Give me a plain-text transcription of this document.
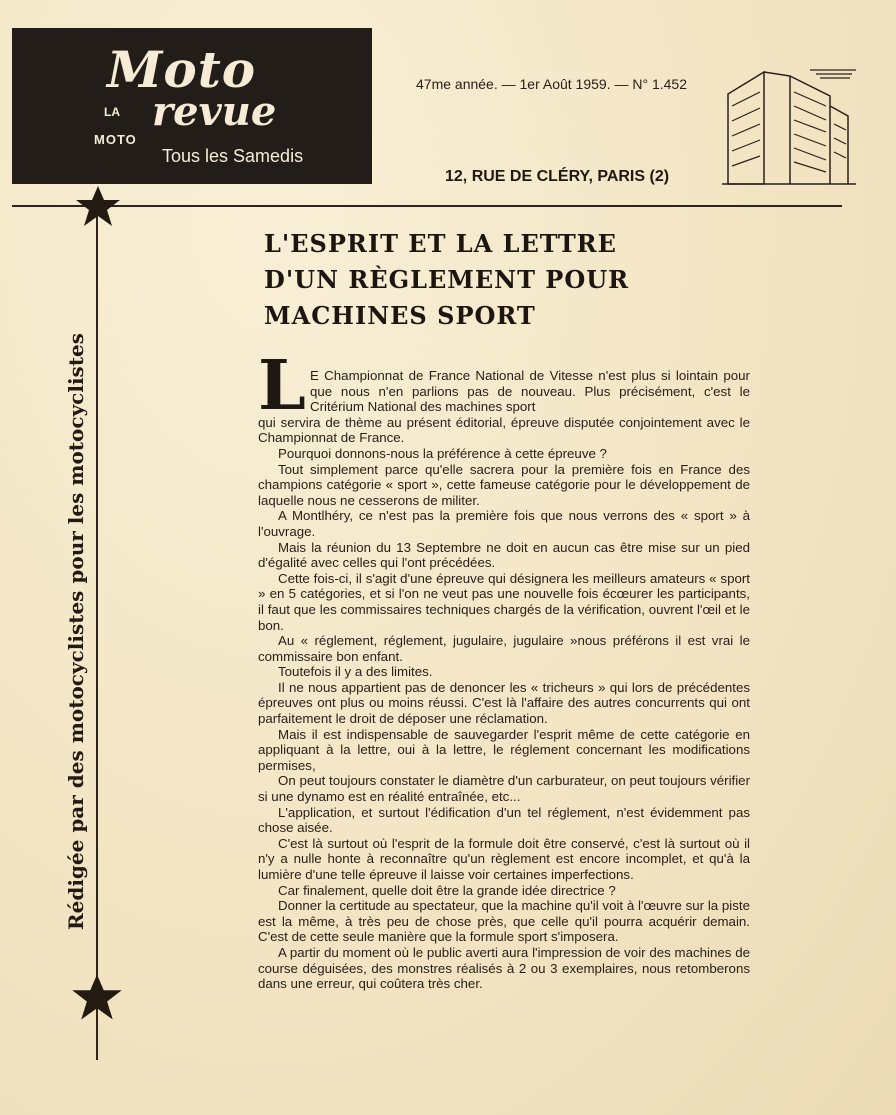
Moto
LA revue
MOTO
Tous les Samedis
47me année. — 1er Août 1959. — N° 1.452
12, RUE DE CLÉRY, PARIS (2)
Rédigée par des motocyclistes pour les motocyclistes
L'ESPRIT ET LA LETTRE
D'UN RÈGLEMENT POUR
MACHINES SPORT
L E Championnat de France National de Vitesse n'est plus si lointain pour que nous n'en parlions pas de nouveau. Plus précisément, c'est le Critérium National des machines sport

qui servira de thème au présent éditorial, épreuve disputée conjointement avec le Championnat de France.

Pourquoi donnons-nous la préférence à cette épreuve ?

Tout simplement parce qu'elle sacrera pour la première fois en France des champions catégorie « sport », cette fameuse catégorie pour le développement de laquelle nous ne cesserons de militer.

A Montlhéry, ce n'est pas la première fois que nous verrons des « sport » à l'ouvrage.

Mais la réunion du 13 Septembre ne doit en aucun cas être mise sur un pied d'égalité avec celles qui l'ont précédées.

Cette fois-ci, il s'agit d'une épreuve qui désignera les meilleurs amateurs « sport » en 5 catégories, et si l'on ne veut pas une nouvelle fois écœurer les participants, il faut que les commissaires techniques chargés de la vérification, ouvrent l'œil et le bon.

Au « réglement, réglement, jugulaire, jugulaire »nous préférons il est vrai le commissaire bon enfant.

Toutefois il y a des limites.

Il ne nous appartient pas de denoncer les « tricheurs » qui lors de précédentes épreuves ont plus ou moins réussi. C'est là l'affaire des autres concurrents qui ont parfaitement le droit de déposer une réclamation.

Mais il est indispensable de sauvegarder l'esprit même de cette catégorie en appliquant à la lettre, oui à la lettre, le réglement concernant les modifications permises,

On peut toujours constater le diamètre d'un carburateur, on peut toujours vérifier si une dynamo est en réalité entraînée, etc...

L'application, et surtout l'édification d'un tel réglement, n'est évidemment pas chose aisée.

C'est là surtout où l'esprit de la formule doit être conservé, c'est là surtout où il n'y a nulle honte à reconnaître qu'un règlement est encore incomplet, et qu'à la lumière d'une telle épreuve il laisse voir certaines imperfections.

Car finalement, quelle doit être la grande idée directrice ?

Donner la certitude au spectateur, que la machine qu'il voit à l'œuvre sur la piste est la même, à très peu de chose près, que celle qu'il pourra acquérir demain. C'est de cette seule manière que la formule sport s'imposera.

A partir du moment où le public averti aura l'impression de voir des machines de course déguisées, des monstres réalisés à 2 ou 3 exemplaires, nous retomberons dans une erreur, qui coûtera très cher.
